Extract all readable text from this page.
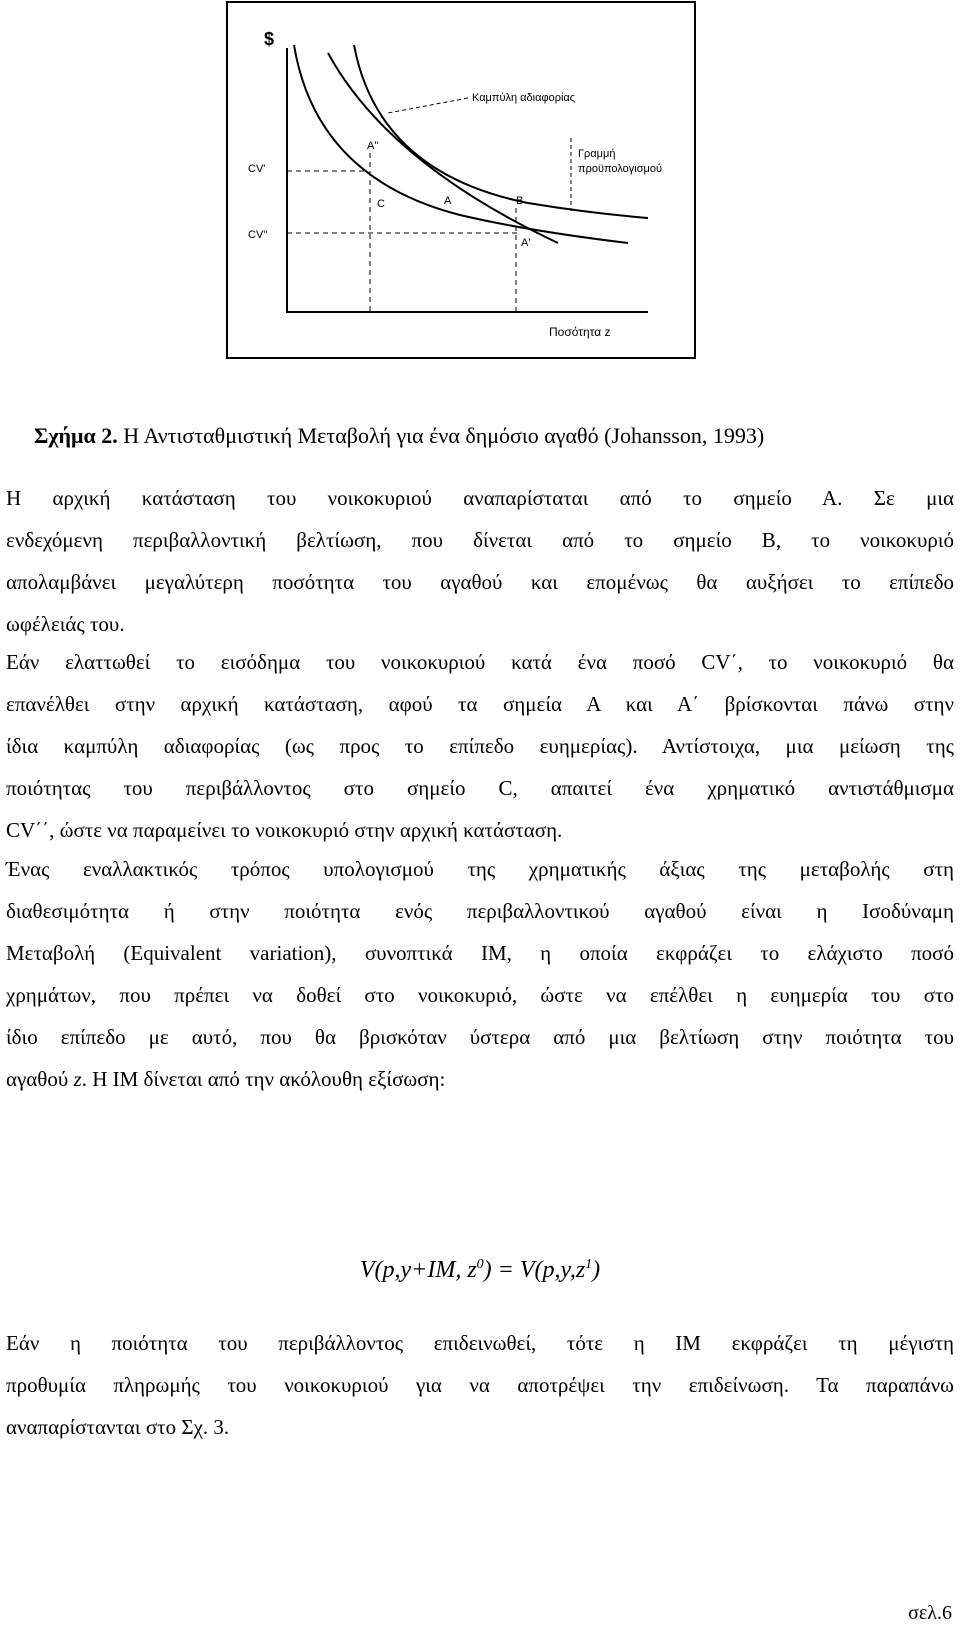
$
Ποσότητα z
Καμπύλη αδιαφορίας
Γραμμή
προϋπολογισμού
CV'
CV''
A''
C	A	B
A'
Σχήμα 2. Η Αντισταθμιστική Μεταβολή για ένα δημόσιο αγαθό (Johansson, 1993)
Η αρχική κατάσταση του νοικοκυριού αναπαρίσταται από το σημείο Α. Σε μια
ενδεχόμενη περιβαλλοντική βελτίωση, που δίνεται από το σημείο Β, το νοικοκυριό
απολαμβάνει μεγαλύτερη ποσότητα του αγαθού και επομένως θα αυξήσει το επίπεδο
ωφέλειάς του.
Εάν ελαττωθεί το εισόδημα του νοικοκυριού κατά ένα ποσό CV΄, το νοικοκυριό θα
επανέλθει στην αρχική κατάσταση, αφού τα σημεία Α και Α΄ βρίσκονται πάνω στην
ίδια καμπύλη αδιαφορίας (ως προς το επίπεδο ευημερίας). Αντίστοιχα, μια μείωση της
ποιότητας του περιβάλλοντος στο σημείο C, απαιτεί ένα χρηματικό αντιστάθμισμα
CV΄΄, ώστε να παραμείνει το νοικοκυριό στην αρχική κατάσταση.
Ένας εναλλακτικός τρόπος υπολογισμού της χρηματικής άξιας της μεταβολής στη
διαθεσιμότητα ή στην ποιότητα ενός περιβαλλοντικού αγαθού είναι η Ισοδύναμη
Μεταβολή (Equivalent variation), συνοπτικά ΙΜ, η οποία εκφράζει το ελάχιστο ποσό
χρημάτων, που πρέπει να δοθεί στο νοικοκυριό, ώστε να επέλθει η ευημερία του στο
ίδιο επίπεδο με αυτό, που θα βρισκόταν ύστερα από μια βελτίωση στην ποιότητα του
αγαθού z. Η ΙΜ δίνεται από την ακόλουθη εξίσωση:
V(p,y+IM, $z^0) = V(p,y,z^1)$
Εάν η ποιότητα του περιβάλλοντος επιδεινωθεί, τότε η ΙΜ εκφράζει τη μέγιστη
προθυμία πληρωμής του νοικοκυριού για να αποτρέψει την επιδείνωση. Τα παραπάνω
αναπαρίστανται στο Σχ. 3.
σελ.6
